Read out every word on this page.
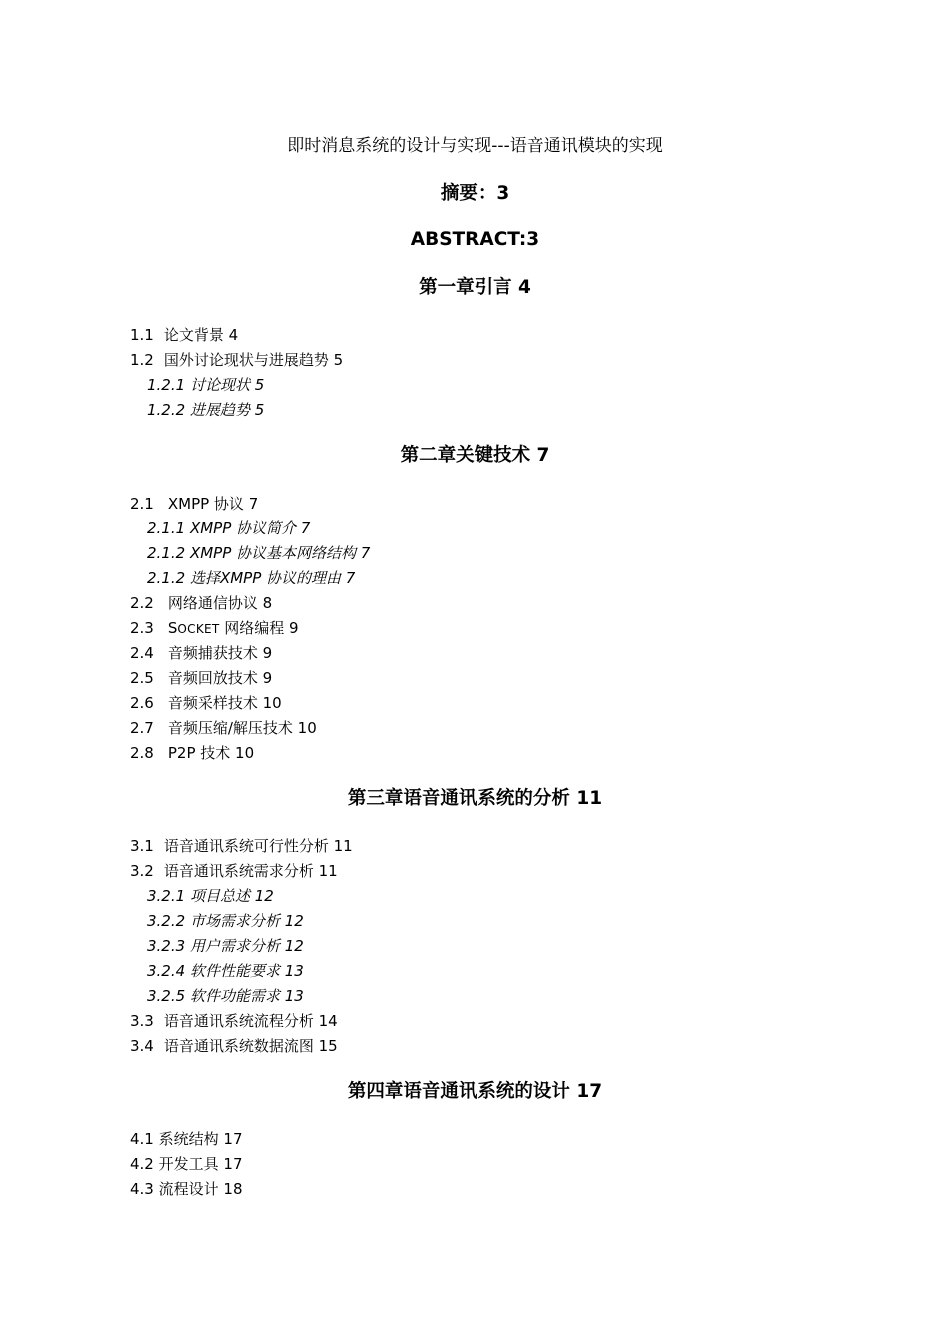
即时消息系统的设计与实现---语音通讯模块的实现
摘要：3
ABSTRACT:3
第一章引言 4
1.1 论文背景 4
1.2 国外讨论现状与进展趋势 5
1.2.1 讨论现状 5
1.2.2 进展趋势 5
第二章关键技术 7
2.1 XMPP 协议 7
2.1.1 XMPP 协议简介 7
2.1.2 XMPP 协议基本网络结构 7
2.1.2 选择XMPP 协议的理由 7
2.2 网络通信协议 8
2.3 SOCKET 网络编程 9
2.4 音频捕获技术 9
2.5 音频回放技术 9
2.6 音频采样技术 10
2.7 音频压缩/解压技术 10
2.8 P2P 技术 10
第三章语音通讯系统的分析 11
3.1 语音通讯系统可行性分析 11
3.2 语音通讯系统需求分析 11
3.2.1 项目总述 12
3.2.2 市场需求分析 12
3.2.3 用户需求分析 12
3.2.4 软件性能要求 13
3.2.5 软件功能需求 13
3.3 语音通讯系统流程分析 14
3.4 语音通讯系统数据流图 15
第四章语音通讯系统的设计 17
4.1 系统结构 17
4.2 开发工具 17
4.3 流程设计 18
